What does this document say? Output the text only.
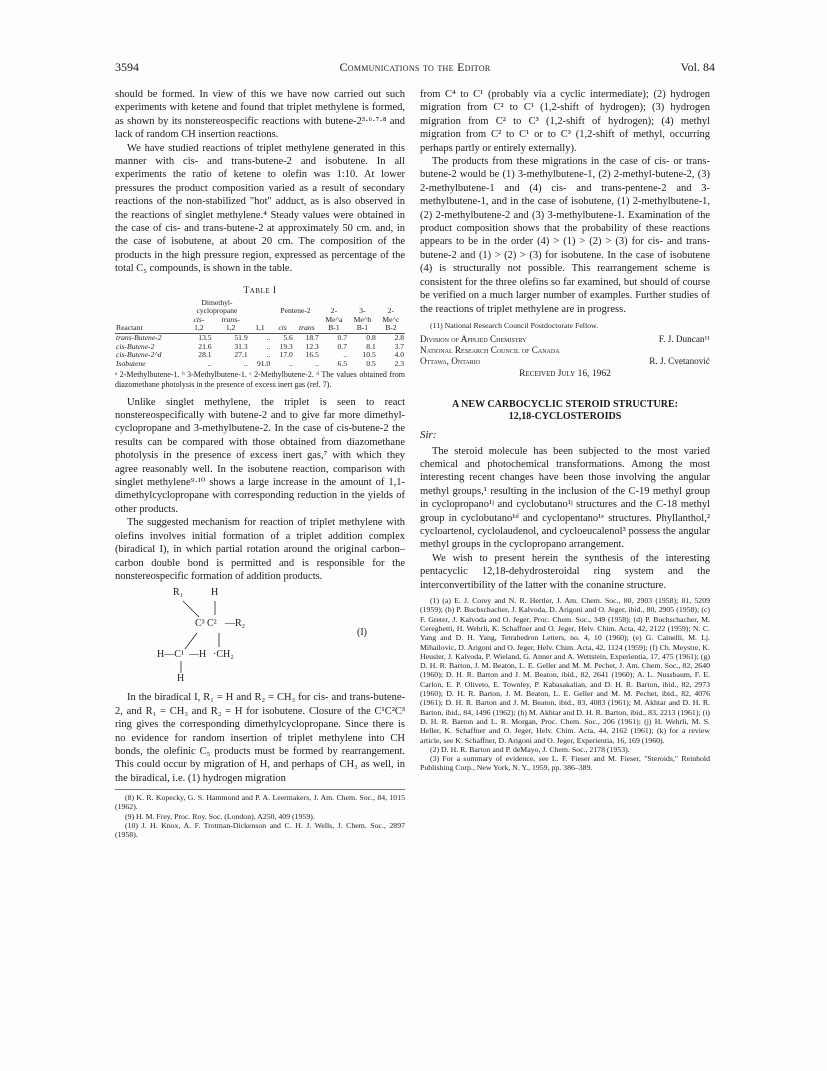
3594	Communications to the Editor	Vol. 84

should be formed. In view of this we have now carried out such experiments with ketene and found that triplet methylene is formed, as shown by its nonstereospecific reactions with butene-2³·⁶·⁷·⁸ and lack of random CH insertion reactions.

We have studied reactions of triplet methylene generated in this manner with cis- and trans-butene-2 and isobutene. In all experiments the ratio of ketene to olefin was 1:10. At lower pressures the product composition varied as a result of secondary reactions of the non-stabilized "hot" adduct, as is also observed in the reactions of singlet methylene.⁴ Steady values were obtained in the case of cis- and trans-butene-2 at approximately 50 cm. and, in the case of isobutene, at about 20 cm. The composition of the products in the high pressure region, expressed as percentage of the total C₅ compounds, is shown in the table.

Table I
	Dimethyl-							
	cyclopropane			Pentene-2		2-	3-	2-
	cis-	trans-				Me^a	Me^b	Me^c
Reactant	1,2	1,2	1,1	cis	trans	B-1	B-1	B-2
trans-Butene-2	13.5	51.9	..	5.6	18.7	0.7	0.8	2.8
cis-Butene-2	21.6	31.3	..	19.3	12.3	0.7	8.1	3.7
cis-Butene-2^d	28.1	27.1	..	17.0	16.5	..	10.5	4.0
Isobutene	..	..	91.0	..	..	6.5	0.5	2.3

ᵃ 2-Methylbutene-1. ᵇ 3-Methylbutene-1. ᶜ 2-Methylbutene-2. ᵈ The values obtained from diazomethane photolysis in the presence of excess inert gas (ref. 7).

Unlike singlet methylene, the triplet is seen to react nonstereospecifically with butene-2 and to give far more dimethyl-cyclopropane and 3-methylbutene-2. In the case of cis-butene-2 the results can be compared with those obtained from diazomethane photolysis in the presence of excess inert gas,⁷ with which they agree reasonably well. In the isobutene reaction, comparison with singlet methylene⁹·¹⁰ shows a large increase in the amount of 1,1-dimethylcyclopropane with corresponding reduction in the yields of other products.

The suggested mechanism for reaction of triplet methylene with olefins involves initial formation of a triplet addition complex (biradical I), in which partial rotation around the original carbon–carbon double bond is permitted and is responsible for the nonstereospecific formation of addition products.

R₁	H
C³ C² —R₂
H—C¹ —H ·CH₂
H
(I)

In the biradical I, R₁ = H and R₂ = CH₃ for cis- and trans-butene-2, and R₁ = CH₃ and R₂ = H for isobutene. Closure of the C¹C²C³ ring gives the corresponding dimethylcyclopropane. Since there is no evidence for random insertion of triplet methylene into CH bonds, the olefinic C₅ products must be formed by rearrangement. This could occur by migration of H, and perhaps of CH₃ as well, in the biradical, i.e. (1) hydrogen migration

(8) K. R. Kopecky, G. S. Hammond and P. A. Leermakers, J. Am. Chem. Soc., 84, 1015 (1962).

(9) H. M. Frey, Proc. Roy. Soc. (London), A250, 409 (1959).

(10) J. H. Knox, A. F. Trotman-Dickenson and C. H. J. Wells, J. Chem. Soc., 2897 (1958).

from C⁴ to C¹ (probably via a cyclic intermediate); (2) hydrogen migration from C² to C¹ (1,2-shift of hydrogen); (3) hydrogen migration from C² to C³ (1,2-shift of hydrogen); (4) methyl migration from C² to C¹ or to C³ (1,2-shift of methyl, occurring perhaps partly or entirely externally).

The products from these migrations in the case of cis- or trans-butene-2 would be (1) 3-methylbutene-1, (2) 2-methyl-butene-2, (3) 2-methylbutene-1 and (4) cis- and trans-pentene-2 and 3-methylbutene-1, and in the case of isobutene, (1) 2-methylbutene-1, (2) 2-methylbutene-2 and (3) 3-methylbutene-1. Examination of the product composition shows that the probability of these reactions appears to be in the order (4) > (1) > (2) > (3) for cis- and trans-butene-2 and (1) > (2) > (3) for isobutene. In the case of isobutene (4) is structurally not possible. This rearrangement scheme is consistent for the three olefins so far examined, but should of course be verified on a much larger number of examples. Further studies of the reactions of triplet methylene are in progress.

(11) National Research Council Postdoctorate Fellow.

Division of Applied Chemistry	F. J. Duncan¹¹
National Research Council of Canada
Ottawa, Ontario	R. J. Cvetanović
Received July 16, 1962
A NEW CARBOCYCLIC STEROID STRUCTURE:
12,18-CYCLOSTEROIDS

Sir:

The steroid molecule has been subjected to the most varied chemical and photochemical transformations. Among the most interesting recent changes have been those involving the angular methyl groups,¹ resulting in the inclusion of the C-19 methyl group in cyclopropano¹ʲ and cyclobutano¹ʲ structures and the C-18 methyl group in cyclobutano¹ᵈ and cyclopentano¹ᵉ structures. Phyllanthol,² cycloartenol, cyclolaudenol, and cycloeucalenol³ possess the angular methyl groups in the cyclopropano arrangement.

We wish to present herein the synthesis of the interesting pentacyclic 12,18-dehydrosteroidal ring system and the interconvertibility of the latter with the conanine structure.

(1) (a) E. J. Corey and N. R. Hertler, J. Am. Chem. Soc., 80, 2903 (1958); 81, 5209 (1959); (b) P. Buchschacher, J. Kalvoda, D. Arigoni and O. Jeger, ibid., 80, 2905 (1958); (c) F. Greter, J. Kalvoda and O. Jeger, Proc. Chem. Soc., 349 (1958); (d) P. Buchschacher, M. Cereghetti, H. Wehrli, K. Schaffner and O. Jeger, Helv. Chim. Acta, 42, 2122 (1959); N. C. Yang and D. H. Yang, Tetrahedron Letters, no. 4, 10 (1960); (e) G. Cainelli, M. Lj. Mihailovic, D. Arigoni and O. Jeger, Helv. Chim. Acta, 42, 1124 (1959); (f) Ch. Meystre, K. Heusler, J. Kalvoda, P. Wieland, G. Anner and A. Wettstein, Experientia, 17, 475 (1961); (g) D. H. R. Barton, J. M. Beaton, L. E. Geller and M. M. Pechet, J. Am. Chem. Soc., 82, 2640 (1960); D. H. R. Barton and J. M. Beaton, ibid., 82, 2641 (1960); A. L. Nussbaum, F. E. Carlon, E. P. Oliveto, E. Townley, P. Kabasakalian, and D. H. R. Barton, ibid., 82, 2973 (1960); D. H. R. Barton, J. M. Beaton, L. E. Geller and M. M. Pechet, ibid., 82, 4076 (1961); D. H. R. Barton and J. M. Beaton, ibid., 83, 4083 (1961); M. Akhtar and D. H. R. Barton, ibid., 84, 1496 (1962); (h) M. Akhtar and D. H. R. Barton, ibid., 83, 2213 (1961); (i) D. H. R. Barton and L. R. Morgan, Proc. Chem. Soc., 206 (1961); (j) H. Wehrli, M. S. Heller, K. Schaffner and O. Jeger, Helv. Chim. Acta, 44, 2162 (1961); (k) for a review article, see K. Schaffner, D. Arigoni and O. Jeger, Experientia, 16, 169 (1960).

(2) D. H. R. Barton and P. deMayo, J. Chem. Soc., 2178 (1953).

(3) For a summary of evidence, see L. F. Fieser and M. Fieser, "Steroids," Reinhold Publishing Corp., New York, N. Y., 1959, pp. 386–389.
